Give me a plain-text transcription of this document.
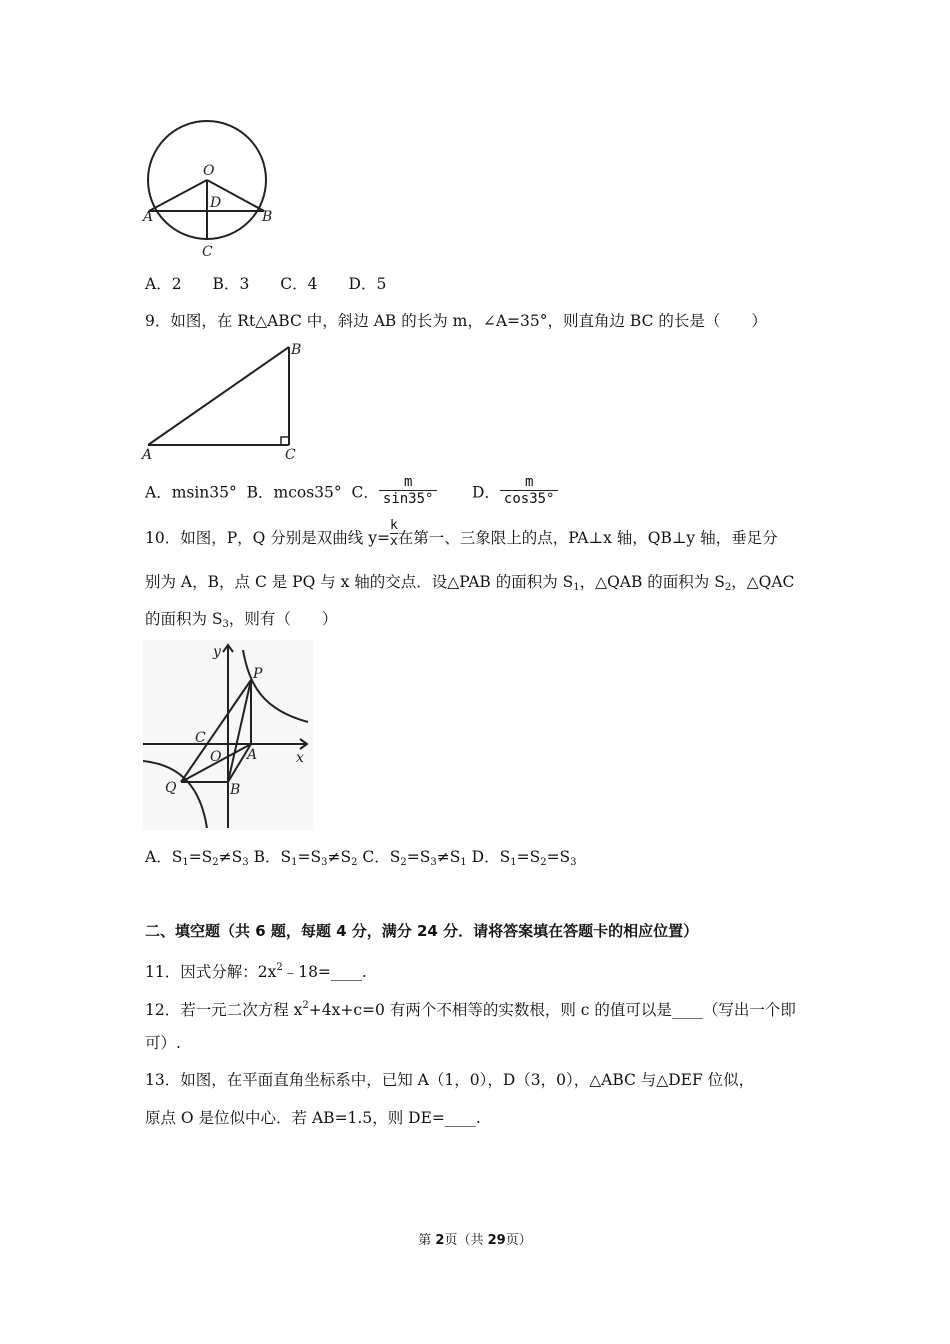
O
D
A	B
C
A．2　　B．3　　C．4　　D．5
9．如图，在 Rt△ABC 中，斜边 AB 的长为 m，∠A=35°，则直角边 BC 的长是（　　）
A
B
C
A．msin35° B．mcos35° C． $\frac{m}{\sin 35^\circ}$ D． $\frac{m}{\cos 35^\circ}$
10．如图，P，Q 分别是双曲线 $y= \frac{k}{x}$ 在第一、三象限上的点，PA⊥x 轴，QB⊥y 轴，垂足分
别为 A，B，点 C 是 PQ 与 x 轴的交点．设△PAB 的面积为 $S_1$，△QAB 的面积为 $S_2$，△QAC
的面积为 $S_3$，则有（　　）
y
x
P
C
O A
Q	B
A．$S_1=S_2\ne S_3$ B．$S_1=S_3\ne S_2$ C．$S_2=S_3\ne S_1$ D．$S_1=S_2=S_3$
二、填空题（共 6 题，每题 4 分，满分 24 分．请将答案填在答题卡的相应位置）
11．因式分解：$2x^2﹣18=\_\_\_\_$.
12．若一元二次方程 $x^2+4x+c=0$ 有两个不相等的实数根，则 c 的值可以是____（写出一个即
可）.
13．如图，在平面直角坐标系中，已知 A（1，0），D（3，0），△ABC 与△DEF 位似，
原点 O 是位似中心．若 AB=1.5，则 DE=____.
第 2页（共 29页）
